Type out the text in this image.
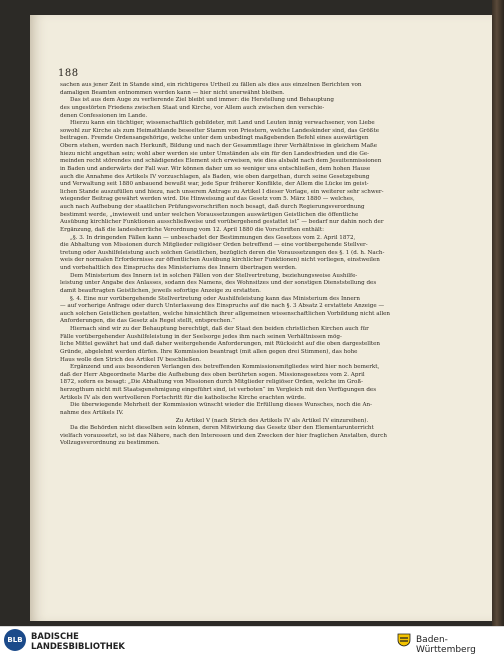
188
sachen aus jener Zeit in Stande sind, ein richtigeres Urtheil zu fällen als dies aus einzelnen Berichten von
damaligen Beamten entnommen werden kann — hier nicht unerwähnt bleiben.
Das ist aus dem Auge zu verlierende Ziel bleibt und immer: die Herstellung und Behauptung
des ungestörten Friedens zwischen Staat und Kirche, vor Allem auch zwischen den verschie-
denen Confessionen im Lande.
Hierzu kann ein tüchtiger, wissenschaftlich gebildeter, mit Land und Leuten innig verwachsener, von Liebe
sowohl zur Kirche als zum Heimathlande beseelter Stamm von Priestern, welche Landeskinder sind, das Größte
beitragen. Fremde Ordensangehörige, welche unter dem unbedingt maßgebenden Befehl eines auswärtigen
Obern stehen, werden nach Herkunft, Bildung und nach der Gesammtlage ihrer Verhältnisse in gleichem Maße
hiezu nicht angethan sein; wohl aber werden sie unter Umständen als ein für den Landesfrieden und die Ge-
meinden recht störendes und schädigendes Element sich erweisen, wie dies alsbald nach dem Jesuitenmissionen
in Baden und anderwärts der Fall war. Wir können daher um so weniger uns entschließen, dem hohen Hause
auch die Annahme des Artikels IV vorzuschlagen, als Baden, wie oben dargethan, durch seine Gesetzgebung
und Verwaltung seit 1880 anbauend bewußt war, jede Spur früherer Konflikte, der Allem die Lücke im geist-
lichen Stande auszufüllen und hiezu, nach unserem Antrage zu Artikel I dieser Vorlage, ein weiterer sehr schwer-
wiegender Beitrag gewährt werden wird. Die Hinweisung auf das Gesetz vom 5. März 1880 — welches,
auch nach Aufhebung der staatlichen Prüfungsvorschriften noch besagt, daß durch Regierungsverordnung
bestimmt werde, „inwieweit und unter welchen Voraussetzungen auswärtigen Geistlichen die öffentliche
Ausübung kirchlicher Funktionen ausschließweise und vorübergehend gestattet ist“ — bedarf nur dahin noch der
Ergänzung, daß die landesherrliche Verordnung vom 12. April 1880 die Vorschriften enthält:
„§. 3. In dringenden Fällen kann — unbeschadet der Bestimmungen des Gesetzes vom 2. April 1872,
die Abhaltung von Missionen durch Mitglieder religiöser Orden betreffend — eine vorübergehende Stellver-
tretung oder Aushilfeleistung auch solchen Geistlichen, bezüglich deren die Voraussetzungen des §. 1 (d. h. Nach-
weis der normalen Erfordernisse zur öffentlichen Ausübung kirchlicher Funktionen) nicht vorliegen, einstweilen
und vorbehaltlich des Einspruchs des Ministeriums des Innern übertragen werden.
Dem Ministerium des Innern ist in solchen Fällen von der Stellvertretung, beziehungsweise Aushilfe-
leistung unter Angabe des Anlasses, sodann des Namens, des Wohnsitzes und der sonstigen Dienststellung des
damit beauftragten Geistlichen, jeweils sofortige Anzeige zu erstatten.
§. 4. Eine nur vorübergehende Stellvertretung oder Aushilfeleistung kann das Ministerium des Innern
— auf vorherige Anfrage oder durch Unterlassung des Einspruchs auf die nach §. 3 Absatz 2 erstattete Anzeige —
auch solchen Geistlichen gestatten, welche hinsichtlich ihrer allgemeinen wissenschaftlichen Vorbildung nicht allen
Anforderungen, die das Gesetz als Regel stellt, entsprechen.“
Hiernach sind wir zu der Behauptung berechtigt, daß der Staat den beiden christlichen Kirchen auch für
Fälle vorübergehender Aushilfeleistung in der Seelsorge jedes ihm nach seinen Verhältnissen mög-
liche Mittel gewährt hat und daß daher weitergehende Anforderungen, mit Rücksicht auf die oben dargestellten
Gründe, abgelehnt werden dürfen. Ihre Kommission beantragt (mit allen gegen drei Stimmen), das hohe
Haus wolle den Strich des Artikel IV beschließen.
Ergänzend und aus besonderen Verlangen des betreffenden Kommissionsmitgliedes wird hier noch bemerkt,
daß der Herr Abgeordnete Marbe die Aufhebung des oben berührten sogen. Missionsgesetzes vom 2. April
1872, sofern es besagt: „Die Abhaltung von Missionen durch Mitglieder religiöser Orden, welche im Groß-
herzogthum nicht mit Staatsgenehmigung eingeführt sind, ist verboten“ im Vergleich mit den Verfügungen des
Artikels IV als den wertvolleren Fortschritt für die katholische Kirche erachten würde.
Die überwiegende Mehrheit der Kommission wünscht wieder die Erfüllung dieses Wunsches, noch die An-
nahme des Artikels IV.
Zu Artikel V (nach Strich des Artikels IV als Artikel IV einzureihen).
Da die Behörden nicht dieselben sein können, deren Mitwirkung das Gesetz über den Elementarunterricht
vielfach voraussetzt, so ist das Nähere, nach den Interessen und den Zwecken der hier fraglichen Anstalten, durch
Vollzugsverordnung zu bestimmen.
BLB	BADISCHE
LANDESBIBLIOTHEK
Baden-Württemberg
